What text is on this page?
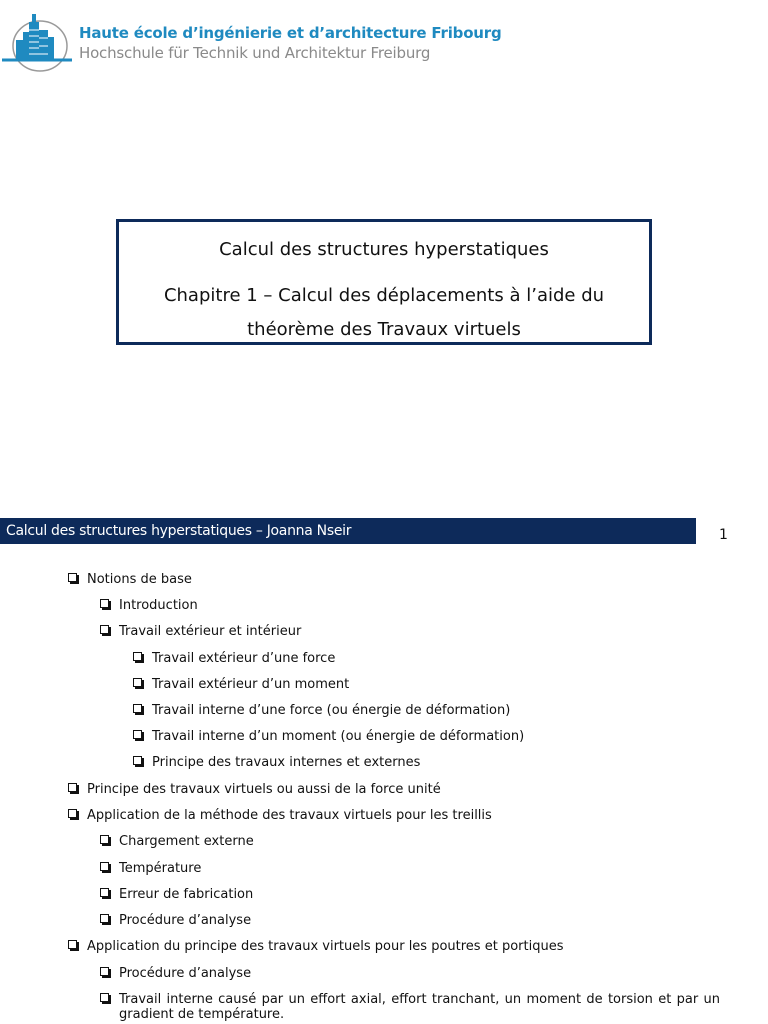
Haute école d’ingénierie et d’architecture Fribourg
Hochschule für Technik und Architektur Freiburg
Calcul des structures hyperstatiques
Chapitre 1 – Calcul des déplacements à l’aide du
théorème des Travaux virtuels
Calcul des structures hyperstatiques – Joanna Nseir	1
Notions de base
Introduction
Travail extérieur et intérieur
Travail extérieur d’une force
Travail extérieur d’un moment
Travail interne d’une force (ou énergie de déformation)
Travail interne d’un moment (ou énergie de déformation)
Principe des travaux internes et externes
Principe des travaux virtuels ou aussi de la force unité
Application de la méthode des travaux virtuels pour les treillis
Chargement externe
Température
Erreur de fabrication
Procédure d’analyse
Application du principe des travaux virtuels pour les poutres et portiques
Procédure d’analyse
Travail interne causé par un effort axial, effort tranchant, un moment de torsion et par un gradient de température.
